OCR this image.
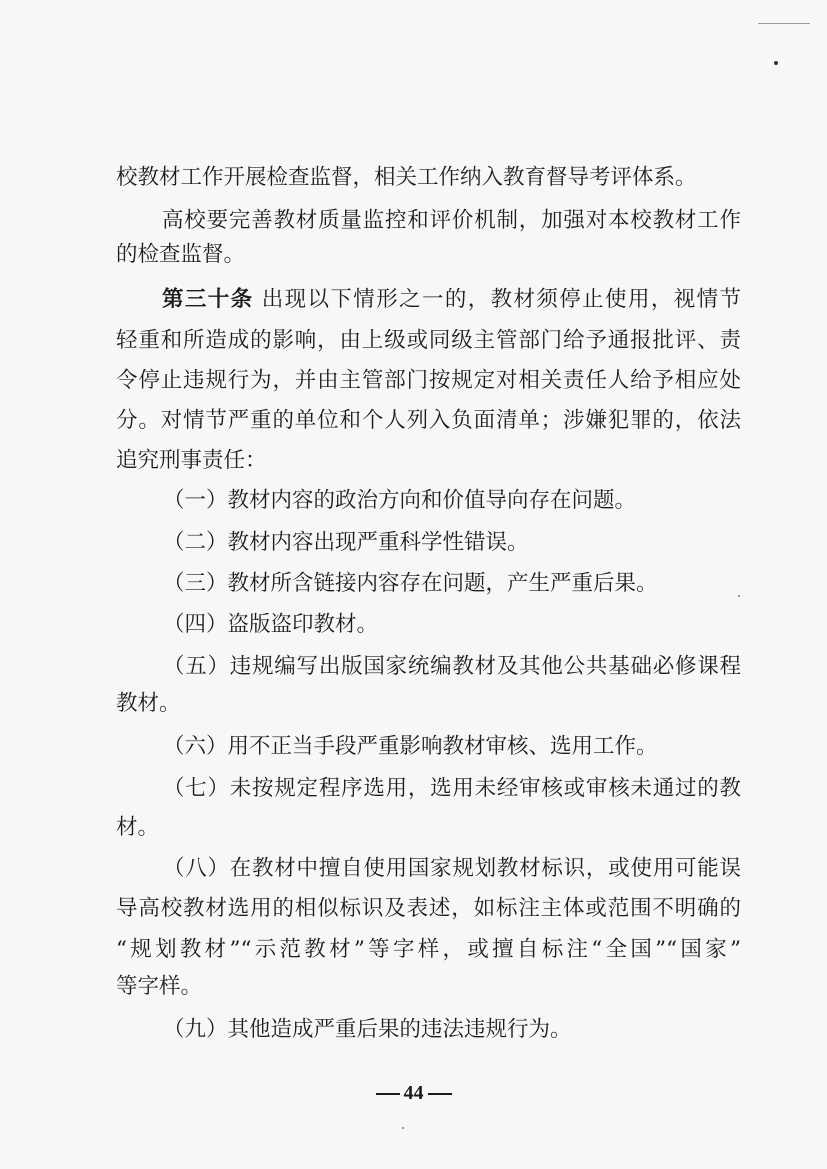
校教材工作开展检查监督，相关工作纳入教育督导考评体系。
高校要完善教材质量监控和评价机制，加强对本校教材工作
的检查监督。
第三十条 出现以下情形之一的，教材须停止使用，视情节
轻重和所造成的影响，由上级或同级主管部门给予通报批评、责
令停止违规行为，并由主管部门按规定对相关责任人给予相应处
分。对情节严重的单位和个人列入负面清单；涉嫌犯罪的，依法
追究刑事责任：
（一）教材内容的政治方向和价值导向存在问题。
（二）教材内容出现严重科学性错误。
（三）教材所含链接内容存在问题，产生严重后果。
（四）盗版盗印教材。
（五）违规编写出版国家统编教材及其他公共基础必修课程
教材。
（六）用不正当手段严重影响教材审核、选用工作。
（七）未按规定程序选用，选用未经审核或审核未通过的教
材。
（八）在教材中擅自使用国家规划教材标识，或使用可能误
导高校教材选用的相似标识及表述，如标注主体或范围不明确的
“规划教材”“示范教材”等字样，或擅自标注“全国”“国家”
等字样。
（九）其他造成严重后果的违法违规行为。
44
